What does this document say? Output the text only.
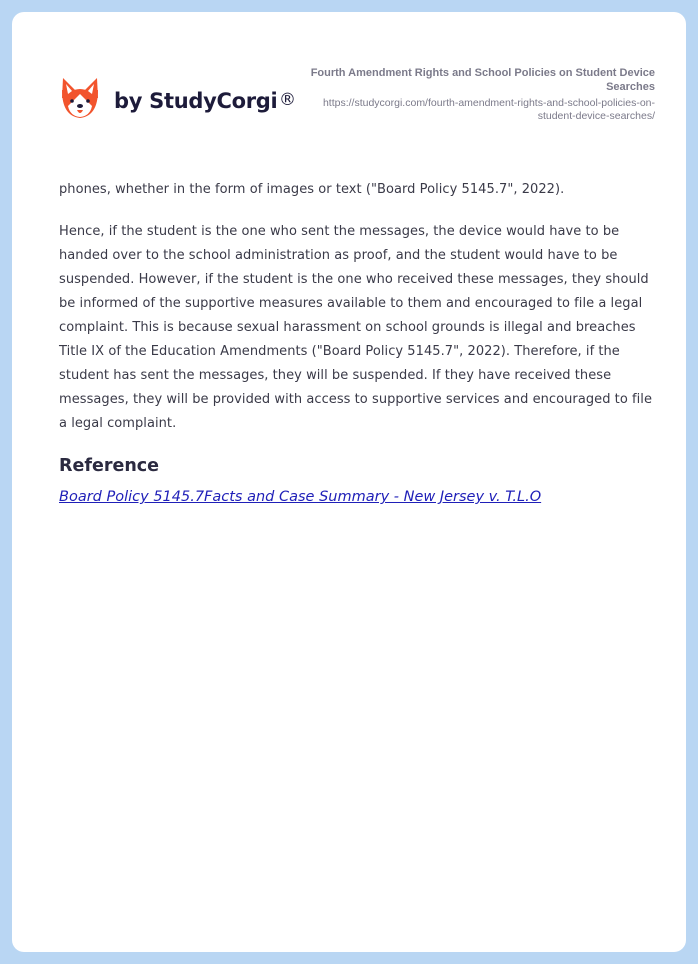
by StudyCorgi ®
Fourth Amendment Rights and School Policies on Student Device Searches
https://studycorgi.com/fourth-amendment-rights-and-school-policies-on-student-device-searches/

phones, whether in the form of images or text ("Board Policy 5145.7", 2022).

Hence, if the student is the one who sent the messages, the device would have to be handed over to the school administration as proof, and the student would have to be suspended. However, if the student is the one who received these messages, they should be informed of the supportive measures available to them and encouraged to file a legal complaint. This is because sexual harassment on school grounds is illegal and breaches Title IX of the Education Amendments ("Board Policy 5145.7", 2022). Therefore, if the student has sent the messages, they will be suspended. If they have received these messages, they will be provided with access to supportive services and encouraged to file a legal complaint.

Reference
Board Policy 5145.7Facts and Case Summary - New Jersey v. T.L.O
